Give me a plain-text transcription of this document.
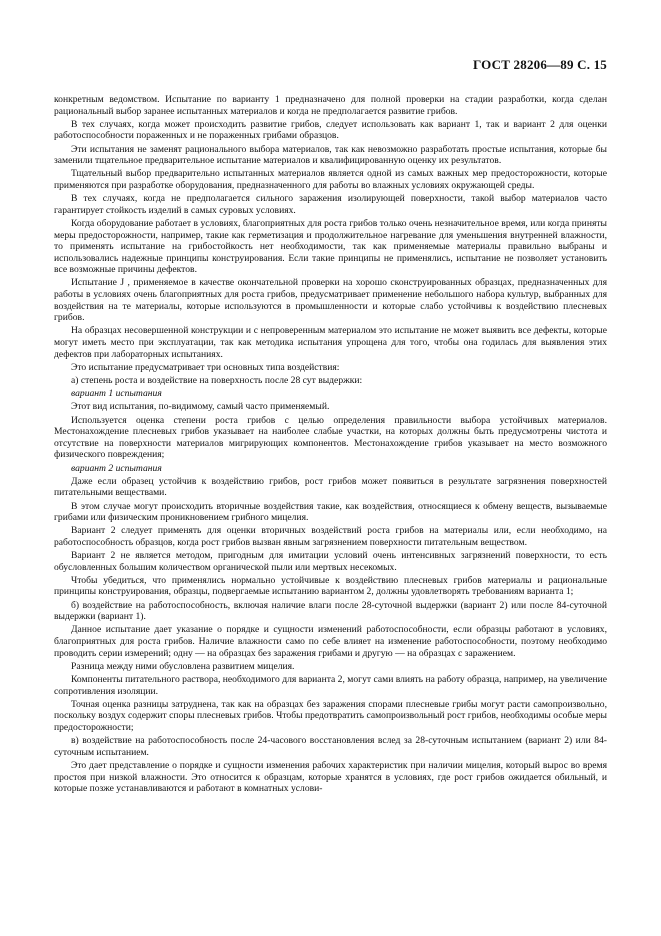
ГОСТ 28206—89 С. 15

конкретным ведомством. Испытание по варианту 1 предназначено для полной проверки на стадии разработки, когда сделан рациональный выбор заранее испытанных материалов и когда не предполагается развитие грибов.

В тех случаях, когда может происходить развитие грибов, следует использовать как вариант 1, так и вариант 2 для оценки работоспособности пораженных и не пораженных грибами образцов.

Эти испытания не заменят рационального выбора материалов, так как невозможно разработать простые испытания, которые бы заменили тщательное предварительное испытание материалов и квалифицированную оценку их результатов.

Тщательный выбор предварительно испытанных материалов является одной из самых важных мер предосторожности, которые применяются при разработке оборудования, предназначенного для работы во влажных условиях окружающей среды.

В тех случаях, когда не предполагается сильного заражения изолирующей поверхности, такой выбор материалов часто гарантирует стойкость изделий в самых суровых условиях.

Когда оборудование работает в условиях, благоприятных для роста грибов только очень незначительное время, или когда приняты меры предосторожности, например, такие как герметизация и продолжительное нагревание для уменьшения внутренней влажности, то применять испытание на грибостойкость нет необходимости, так как применяемые материалы правильно выбраны и использовались надежные принципы конструирования. Если такие принципы не применялись, испытание не позволяет установить все возможные причины дефектов.

Испытание J , применяемое в качестве окончательной проверки на хорошо сконструированных образцах, предназначенных для работы в условиях очень благоприятных для роста грибов, предусматривает применение небольшого набора культур, выбранных для воздействия на те материалы, которые используются в промышленности и которые слабо устойчивы к воздействию плесневых грибов.

На образцах несовершенной конструкции и с непроверенным материалом это испытание не может выявить все дефекты, которые могут иметь место при эксплуатации, так как методика испытания упрощена для того, чтобы она годилась для выявления этих дефектов при лабораторных испытаниях.

Это испытание предусматривает три основных типа воздействия:

а) степень роста и воздействие на поверхность после 28 сут выдержки:

вариант 1 испытания

Этот вид испытания, по-видимому, самый часто применяемый.

Используется оценка степени роста грибов с целью определения правильности выбора устойчивых материалов. Местонахождение плесневых грибов указывает на наиболее слабые участки, на которых должны быть предусмотрены чистота и отсутствие на поверхности материалов мигрирующих компонентов. Местонахождение грибов указывает на место возможного физического повреждения;

вариант 2 испытания

Даже если образец устойчив к воздействию грибов, рост грибов может появиться в результате загрязнения поверхностей питательными веществами.

В этом случае могут происходить вторичные воздействия такие, как воздействия, относящиеся к обмену веществ, вызываемые грибами или физическим проникновением грибного мицелия.

Вариант 2 следует применять для оценки вторичных воздействий роста грибов на материалы или, если необходимо, на работоспособность образцов, когда рост грибов вызван явным загрязнением поверхности питательным веществом.

Вариант 2 не является методом, пригодным для имитации условий очень интенсивных загрязнений поверхности, то есть обусловленных большим количеством органической пыли или мертвых несекомых.

Чтобы убедиться, что применялись нормально устойчивые к воздействию плесневых грибов материалы и рациональные принципы конструирования, образцы, подвергаемые испытанию вариантом 2, должны удовлетворять требованиям варианта 1;

б) воздействие на работоспособность, включая наличие влаги после 28-суточной выдержки (вариант 2) или после 84-суточной выдержки (вариант 1).

Данное испытание дает указание о порядке и сущности изменений работоспособности, если образцы работают в условиях, благоприятных для роста грибов. Наличие влажности само по себе влияет на изменение работоспособности, поэтому необходимо проводить серии измерений; одну — на образцах без заражения грибами и другую — на образцах с заражением.

Разница между ними обусловлена развитием мицелия.

Компоненты питательного раствора, необходимого для варианта 2, могут сами влиять на работу образца, например, на увеличение сопротивления изоляции.

Точная оценка разницы затруднена, так как на образцах без заражения спорами плесневые грибы могут расти самопроизвольно, поскольку воздух содержит споры плесневых грибов. Чтобы предотвратить самопроизвольный рост грибов, необходимы особые меры предосторожности;

в) воздействие на работоспособность после 24-часового восстановления вслед за 28-суточным испытанием (вариант 2) или 84-суточным испытанием.

Это дает представление о порядке и сущности изменения рабочих характеристик при наличии мицелия, который вырос во время простоя при низкой влажности. Это относится к образцам, которые хранятся в условиях, где рост грибов ожидается обильный, и которые позже устанавливаются и работают в комнатных услови-
